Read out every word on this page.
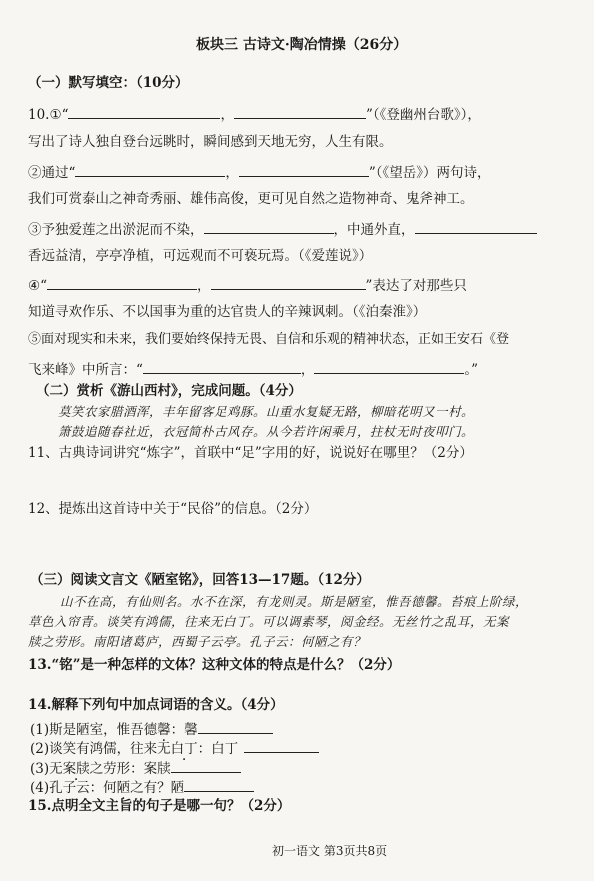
板块三 古诗文·陶冶情操（26分）
（一）默写填空：（10分）
10.①“	，	”（《登幽州台歌》），
写出了诗人独自登台远眺时，瞬间感到天地无穷，人生有限。
②通过“	，	”（《望岳》）两句诗，
我们可赏泰山之神奇秀丽、雄伟高俊，更可见自然之造物神奇、鬼斧神工。
③予独爱莲之出淤泥而不染，	，中通外直，
香远益清，亭亭净植，可远观而不可亵玩焉。（《爱莲说》）
④“	，	”表达了对那些只
知道寻欢作乐、不以国事为重的达官贵人的辛辣讽刺。（《泊秦淮》）
⑤面对现实和未来，我们要始终保持无畏、自信和乐观的精神状态，正如王安石《登
飞来峰》中所言：“	，	。”
（二）赏析《游山西村》，完成问题。（4分）
莫笑农家腊酒浑，丰年留客足鸡豚。山重水复疑无路，柳暗花明又一村。
箫鼓追随春社近，衣冠简朴古风存。从今若许闲乘月，拄杖无时夜叩门。
11、古典诗词讲究“炼字”，首联中“足”字用的好，说说好在哪里？（2分）
12、提炼出这首诗中关于“民俗”的信息。（2分）
（三）阅读文言文《陋室铭》，回答13—17题。（12分）
山不在高，有仙则名。水不在深，有龙则灵。斯是陋室，惟吾德馨。苔痕上阶绿，
草色入帘青。谈笑有鸿儒，往来无白丁。可以调素琴，阅金经。无丝竹之乱耳，无案
牍之劳形。南阳诸葛庐，西蜀子云亭。孔子云：何陋之有？
13.“铭”是一种怎样的文体？这种文体的特点是什么？（2分）
14.解释下列句中加点词语的含义。（4分）
(1)斯是陋室，惟吾德馨：馨
(2)谈笑有鸿儒，往来无白丁：白丁
(3)无案牍之劳形：案牍
(4)孔子云：何陋之有？陋
15.点明全文主旨的句子是哪一句？（2分）
初一语文 第3页共8页
